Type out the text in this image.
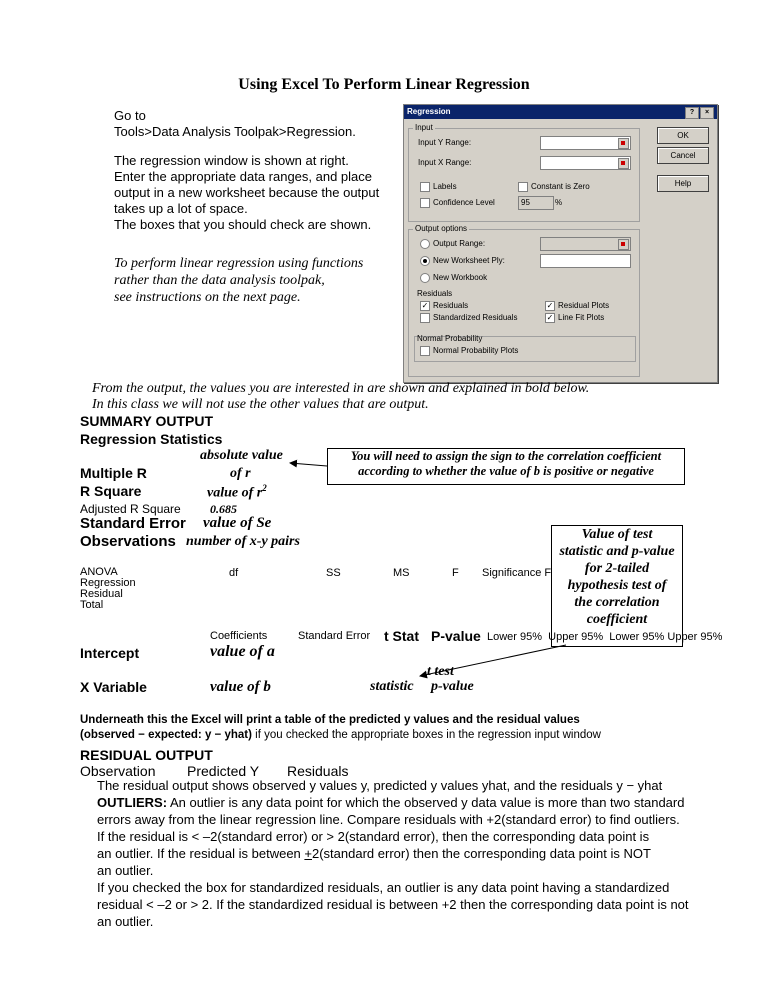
Using Excel To Perform Linear Regression

Go to
Tools>Data Analysis Toolpak>Regression.

The regression window is shown at right.
Enter the appropriate data ranges, and place
output in a new worksheet because the output
takes up a lot of space.
The boxes that you should check are shown.

To perform linear regression using functions
rather than the data analysis toolpak,
see instructions on the next page.
Regression	?	×
Input
Input Y Range:
Input X Range:
Labels	Constant is Zero
Confidence Level	95	%
Output options
Output Range:
New Worksheet Ply:
New Workbook
Residuals
✓ Residuals	✓ Residual Plots
Standardized Residuals	✓ Line Fit Plots
Normal Probability
Normal Probability Plots
OK
Cancel
Help
From the output, the values you are interested in are shown and explained in bold below.
In this class we will not use the other values that are output.
SUMMARY OUTPUT
Regression Statistics
absolute value
Multiple R	of r
R Square	value of $r^2$
Adjusted R Square 0.685
Standard Error value of Se
Observations number of x-y pairs
You will need to assign the sign to the correlation coefficient
according to whether the value of b is positive or negative
Value of test
statistic and p-value
for 2-tailed
hypothesis test of
the correlation
coefficient
ANOVA
Regression
Residual
Total
df	SS	MS	F Significance F
Coefficients	Standard Error t Stat P-value Lower 95%  Upper 95%  Lower 95% Upper 95%
Intercept	value of a
t test
X Variable	value of b	statistic p-value
Underneath this the Excel will print a table of the predicted y values and the residual values
(observed − expected: y − yhat) if you checked the appropriate boxes in the regression input window
RESIDUAL OUTPUT
Observation Predicted Y Residuals

The residual output shows observed y values y, predicted y values yhat, and the residuals y − yhat

OUTLIERS: An outlier is any data point for which the observed y data value is more than two standard

errors away from the linear regression line. Compare residuals with +2(standard error) to find outliers.

If the residual is < –2(standard error) or > 2(standard error), then the corresponding data point is

an outlier. If the residual is between +2(standard error) then the corresponding data point is NOT

an outlier.

If you checked the box for standardized residuals, an outlier is any data point having a standardized

residual < –2 or > 2. If the standardized residual is between +2 then the corresponding data point is not

an outlier.
